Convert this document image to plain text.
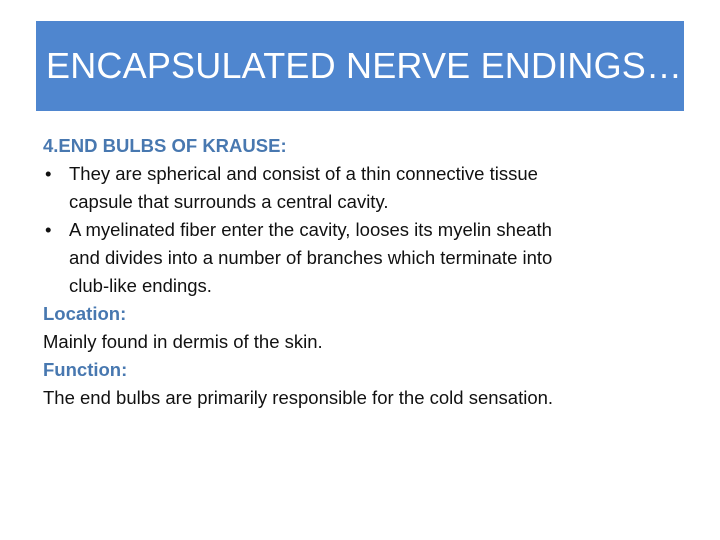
ENCAPSULATED NERVE ENDINGS….
4.END BULBS OF KRAUSE:
• They are spherical and consist of a thin connective tissue
capsule that surrounds a central cavity.
• A myelinated fiber enter the cavity, looses its myelin sheath
and divides into a number of branches which terminate into
club-like endings.
Location:
Mainly found in dermis of the skin.
Function:
The end bulbs are primarily responsible for the cold sensation.
